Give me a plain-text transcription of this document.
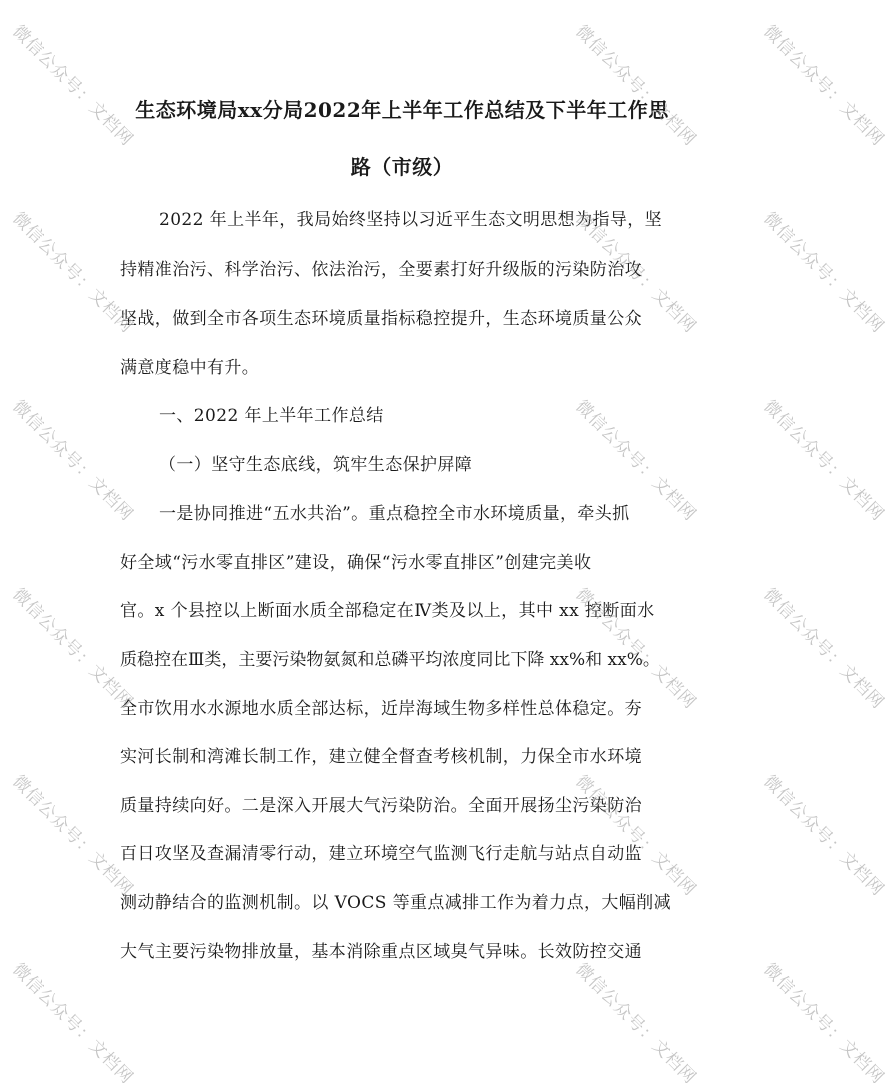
生态环境局xx分局2022年上半年工作总结及下半年工作思
路（市级）
2022 年上半年，我局始终坚持以习近平生态文明思想为指导，坚
持精准治污、科学治污、依法治污，全要素打好升级版的污染防治攻
坚战，做到全市各项生态环境质量指标稳控提升，生态环境质量公众
满意度稳中有升。
一、2022 年上半年工作总结
（一）坚守生态底线，筑牢生态保护屏障
一是协同推进“五水共治”。重点稳控全市水环境质量，牵头抓
好全域“污水零直排区”建设，确保“污水零直排区”创建完美收
官。x 个县控以上断面水质全部稳定在Ⅳ类及以上，其中 xx 控断面水
质稳控在Ⅲ类，主要污染物氨氮和总磷平均浓度同比下降 xx%和 xx%。
全市饮用水水源地水质全部达标，近岸海域生物多样性总体稳定。夯
实河长制和湾滩长制工作，建立健全督查考核机制，力保全市水环境
质量持续向好。二是深入开展大气污染防治。全面开展扬尘污染防治
百日攻坚及查漏清零行动，建立环境空气监测飞行走航与站点自动监
测动静结合的监测机制。以 VOCS 等重点减排工作为着力点，大幅削减
大气主要污染物排放量，基本消除重点区域臭气异味。长效防控交通
微信公众号：文档网	微信公众号：文档网	微信公众号：文档网
微信公众号：文档网	微信公众号：文档网	微信公众号：文档网
微信公众号：文档网	微信公众号：文档网	微信公众号：文档网
微信公众号：文档网	微信公众号：文档网	微信公众号：文档网
微信公众号：文档网	微信公众号：文档网	微信公众号：文档网
微信公众号：文档网	微信公众号：文档网	微信公众号：文档网
